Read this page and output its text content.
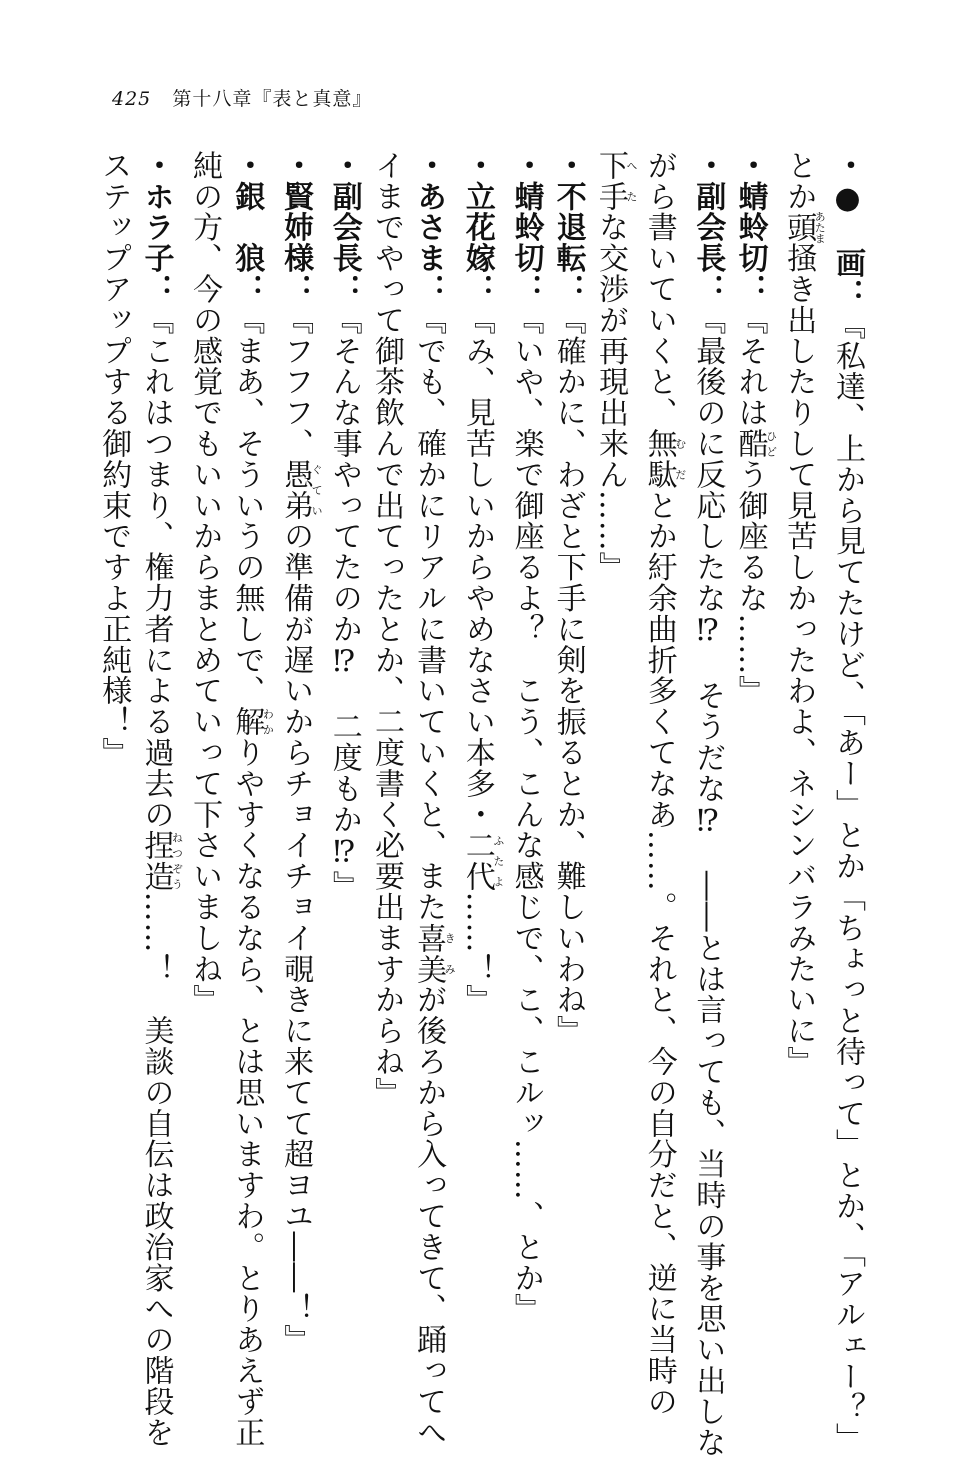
425 第十八章『表と真意』
・●　画：『私達、上から見てたけど、「あー」とか「ちょっと待って」とか、「アルェー？」
とか頭あたま掻き出したりして見苦しかったわよ、ネシンバラみたいに』
・蜻蛉切：『それは酷ひどう御座るな……』
・副会長：『最後のに反応したな⁉　そうだな⁉　――とは言っても、当時の事を思い出しな
がら書いていくと、無駄むだとか紆余曲折多くてなあ……。それと、今の自分だと、逆に当時の
下手へたな交渉が再現出来ん……』
・不退転：『確かに、わざと下手に剣を振るとか、難しいわね』
・蜻蛉切：『いや、楽で御座るよ？　こう、こんな感じで、こ、こルッ……、とか』
・立花嫁：『み、見苦しいからやめなさい本多・二代ふたよ……！』
・あさま：『でも、確かにリアルに書いていくと、また喜美きみが後ろから入ってきて、踊ってへ
イまでやって御茶飲んで出てったとか、二度書く必要出ますからね』
・副会長：『そんな事やってたのか⁉　二度もか⁉』
・賢姉様：『フフフ、愚弟ぐていの準備が遅いからチョイチョイ覗きに来てて超ヨユ――！』
・銀　狼：『まあ、そういうの無しで、解わかりやすくなるなら、とは思いますわ。とりあえず正
純の方、今の感覚でもいいからまとめていって下さいましね』
・ホラ子：『これはつまり、権力者による過去の捏造ねつぞう……！　美談の自伝は政治家への階段を
ステップアップする御約束ですよ正純様！』
